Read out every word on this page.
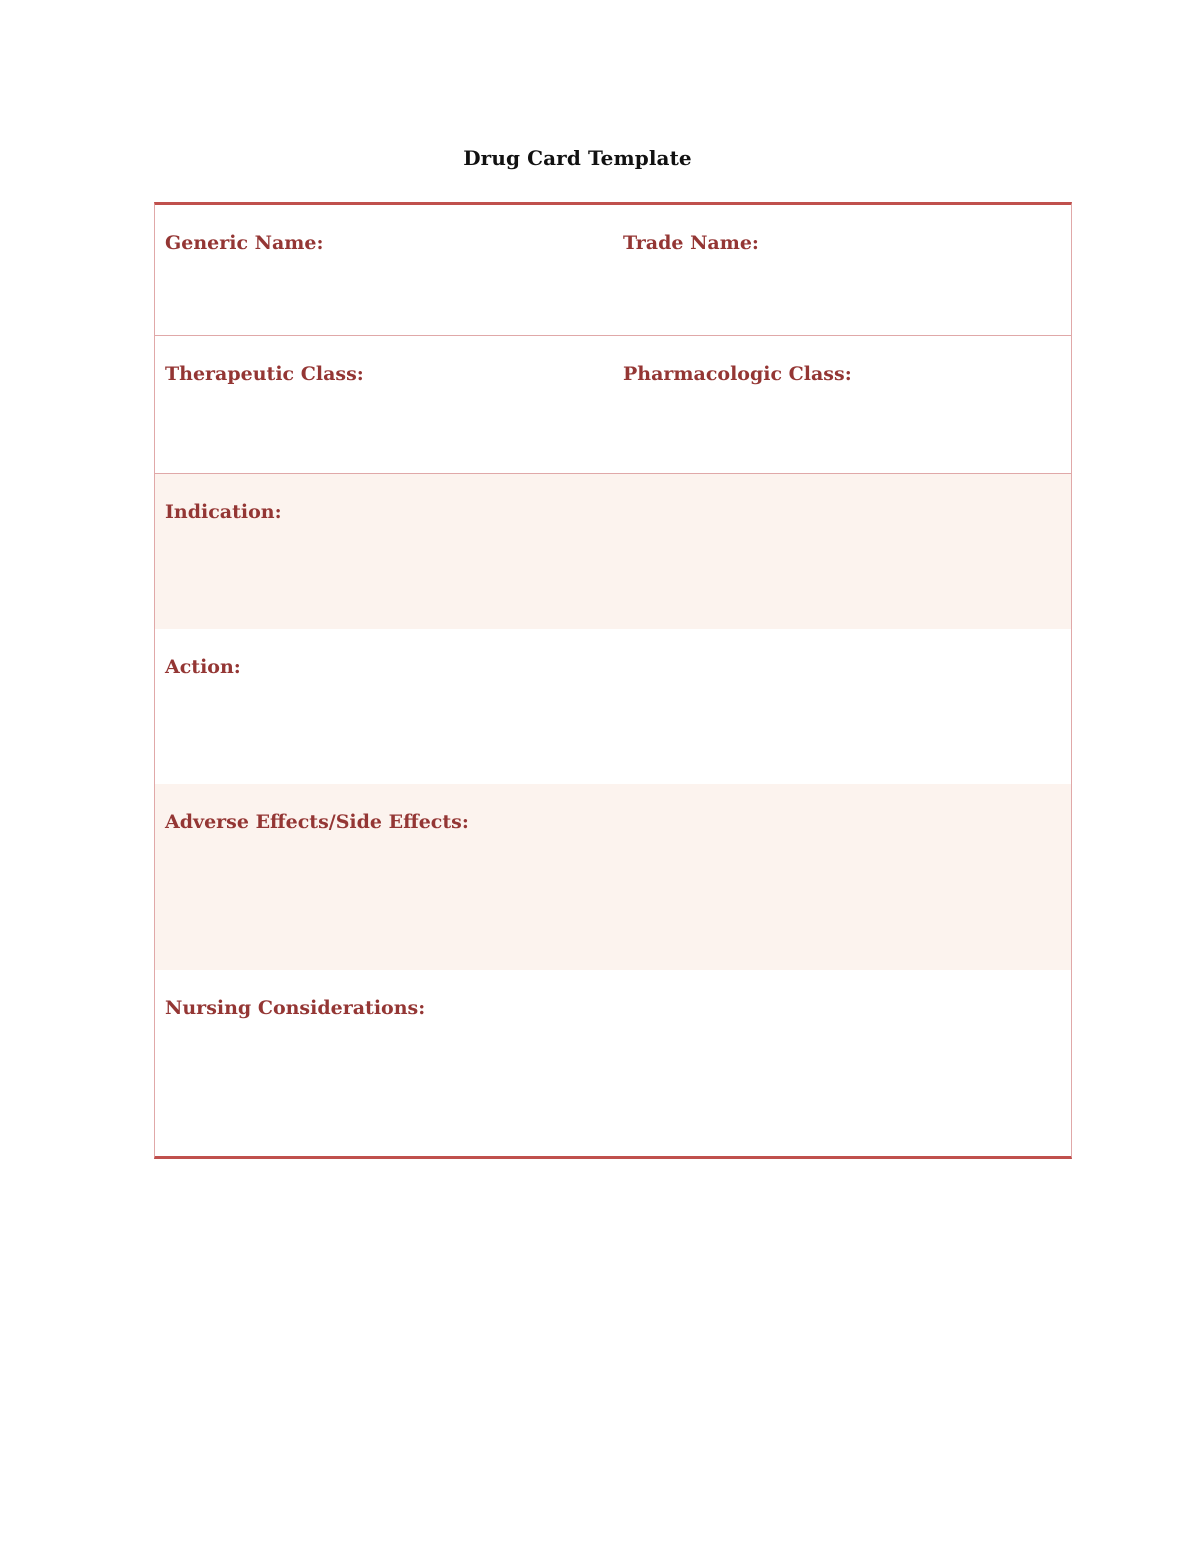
Drug Card Template
Generic Name:	Trade Name:
Therapeutic Class:	Pharmacologic Class:
Indication:
Action:
Adverse Effects/Side Effects:
Nursing Considerations:
